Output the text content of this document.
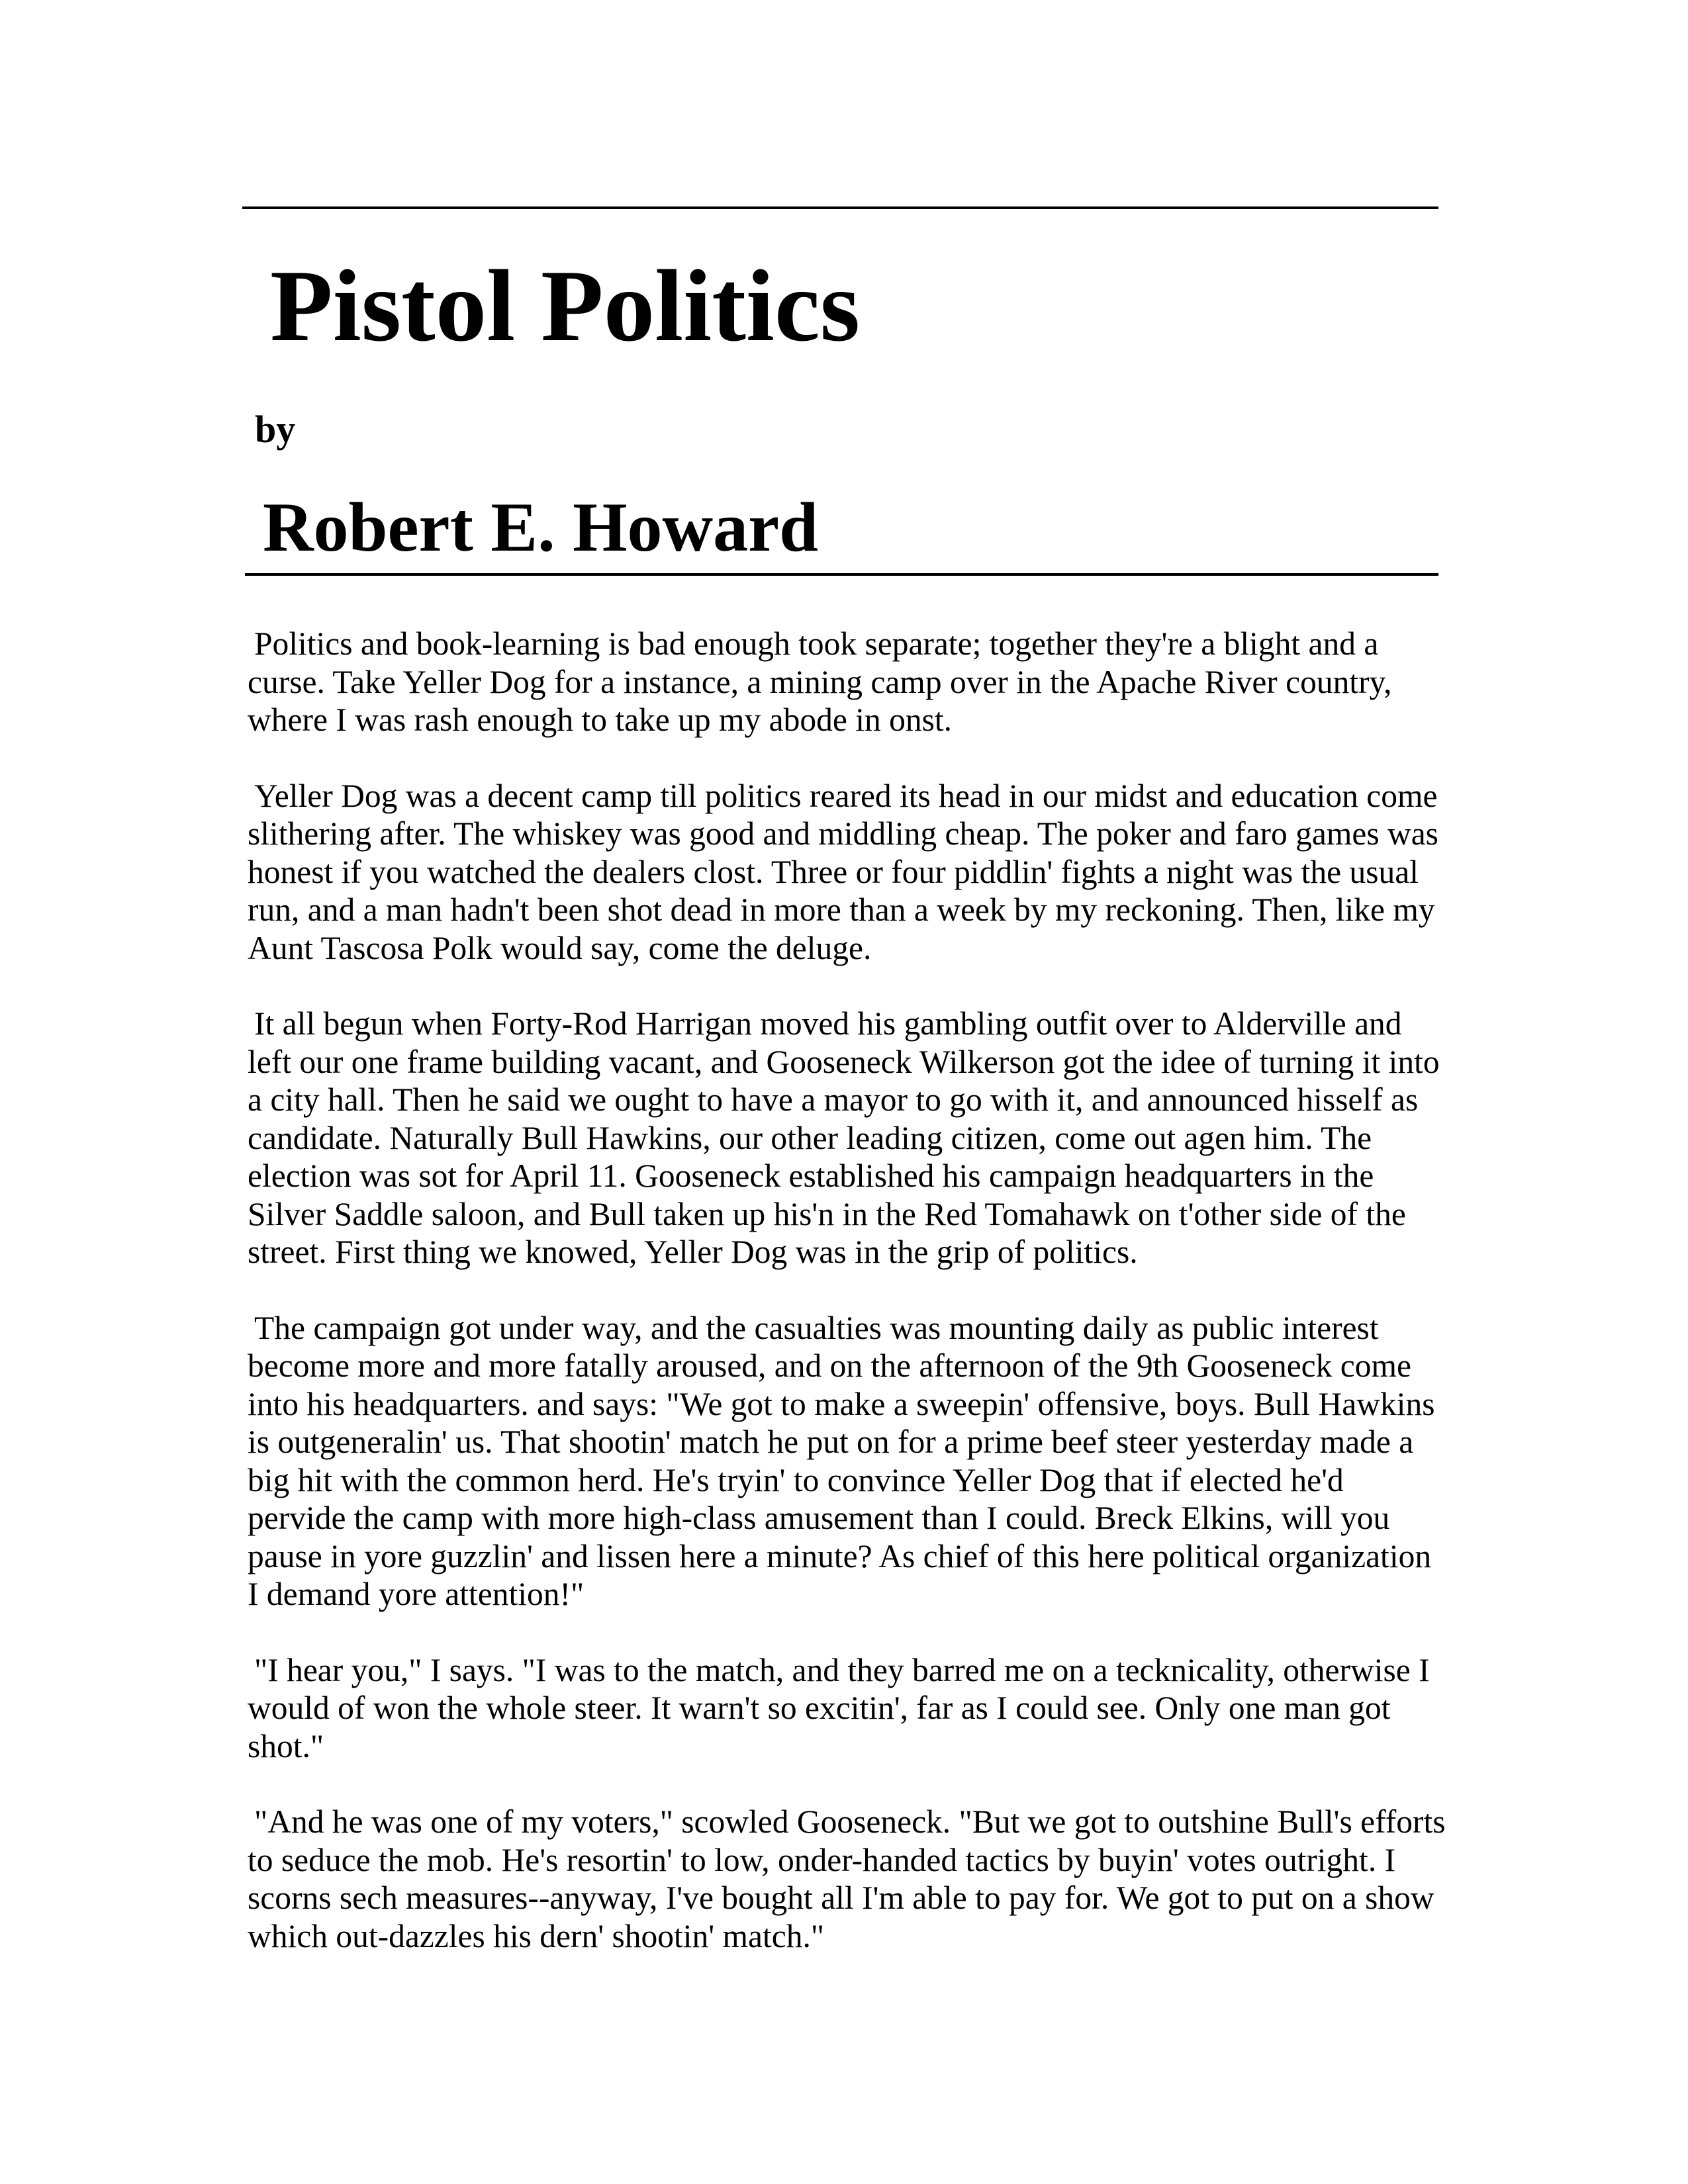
Pistol Politics
by
Robert E. Howard

Politics and book-learning is bad enough took separate; together they're a blight and a curse. Take Yeller Dog for a instance, a mining camp over in the Apache River country, where I was rash enough to take up my abode in onst.

Yeller Dog was a decent camp till politics reared its head in our midst and education come slithering after. The whiskey was good and middling cheap. The poker and faro games was honest if you watched the dealers clost. Three or four piddlin' fights a night was the usual run, and a man hadn't been shot dead in more than a week by my reckoning. Then, like my Aunt Tascosa Polk would say, come the deluge.

It all begun when Forty-Rod Harrigan moved his gambling outfit over to Alderville and left our one frame building vacant, and Gooseneck Wilkerson got the idee of turning it into a city hall. Then he said we ought to have a mayor to go with it, and announced hisself as candidate. Naturally Bull Hawkins, our other leading citizen, come out agen him. The election was sot for April 11. Gooseneck established his campaign headquarters in the Silver Saddle saloon, and Bull taken up his'n in the Red Tomahawk on t'other side of the street. First thing we knowed, Yeller Dog was in the grip of politics.

The campaign got under way, and the casualties was mounting daily as public interest become more and more fatally aroused, and on the afternoon of the 9th Gooseneck come into his headquarters. and says: "We got to make a sweepin' offensive, boys. Bull Hawkins is outgeneralin' us. That shootin' match he put on for a prime beef steer yesterday made a big hit with the common herd. He's tryin' to convince Yeller Dog that if elected he'd pervide the camp with more high-class amusement than I could. Breck Elkins, will you pause in yore guzzlin' and lissen here a minute? As chief of this here political organization I demand yore attention!"

"I hear you," I says. "I was to the match, and they barred me on a tecknicality, otherwise I would of won the whole steer. It warn't so excitin', far as I could see. Only one man got shot."

"And he was one of my voters," scowled Gooseneck. "But we got to outshine Bull's efforts to seduce the mob. He's resortin' to low, onder-handed tactics by buyin' votes outright. I scorns sech measures--anyway, I've bought all I'm able to pay for. We got to put on a show which out-dazzles his dern' shootin' match."
